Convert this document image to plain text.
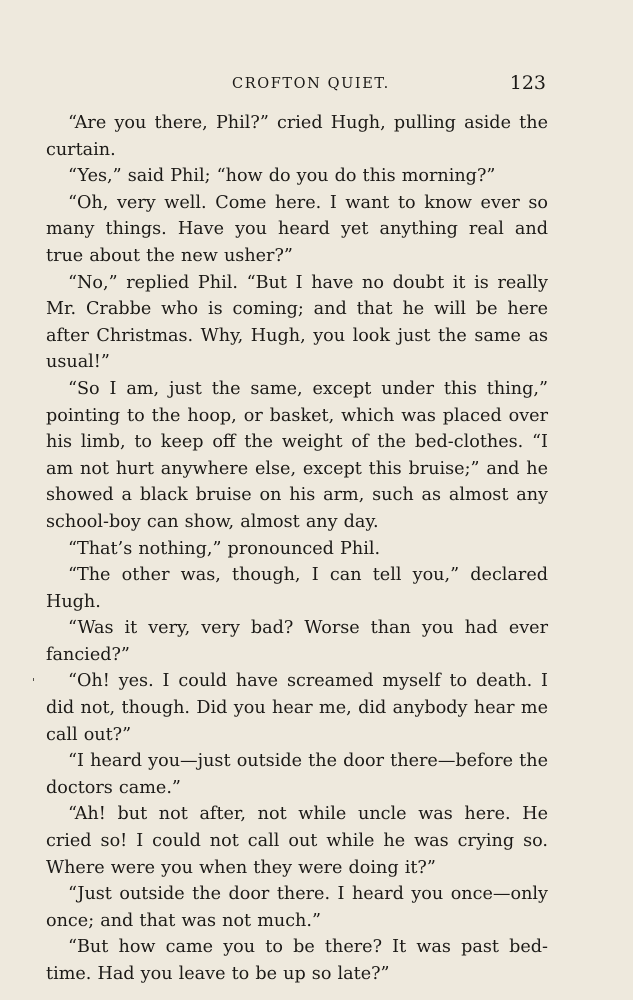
CROFTON QUIET.	123
'

“Are you there, Phil?” cried Hugh, pulling aside the curtain.

“Yes,” said Phil; “how do you do this morning?”

“Oh, very well. Come here. I want to know ever so many things. Have you heard yet anything real and true about the new usher?”

“No,” replied Phil. “But I have no doubt it is really Mr. Crabbe who is coming; and that he will be here after Christmas. Why, Hugh, you look just the same as usual!”

“So I am, just the same, except under this thing,” pointing to the hoop, or basket, which was placed over his limb, to keep off the weight of the bed-clothes. “I am not hurt anywhere else, except this bruise;” and he showed a black bruise on his arm, such as almost any school-boy can show, almost any day.

“That’s nothing,” pronounced Phil.

“The other was, though, I can tell you,” declared Hugh.

“Was it very, very bad? Worse than you had ever fancied?”

“Oh! yes. I could have screamed myself to death. I did not, though. Did you hear me, did anybody hear me call out?”

“I heard you—just outside the door there—before the doctors came.”

“Ah! but not after, not while uncle was here. He cried so! I could not call out while he was crying so. Where were you when they were doing it?”

“Just outside the door there. I heard you once—only once; and that was not much.”

“But how came you to be there? It was past bed-time. Had you leave to be up so late?”
